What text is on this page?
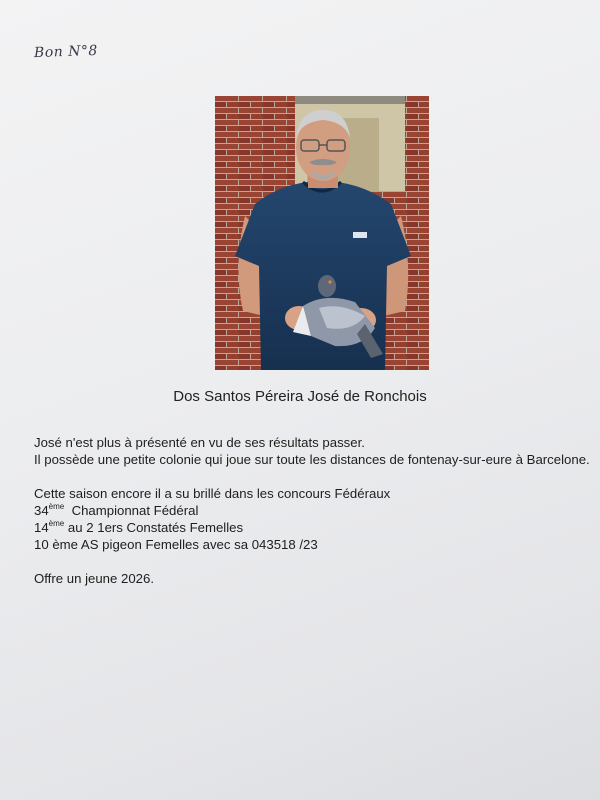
Bon N°8
Dos Santos Péreira José de Ronchois

José n'est plus à présenté en vu de ses résultats passer.

Il possède une petite colonie qui joue sur toute les distances de fontenay-sur-eure à Barcelone.

Cette saison encore il a su brillé dans les concours Fédéraux

34ème Championnat Fédéral

14ème au 2 1ers Constatés Femelles

10 ème AS pigeon Femelles avec sa 043518 /23

Offre un jeune 2026.
